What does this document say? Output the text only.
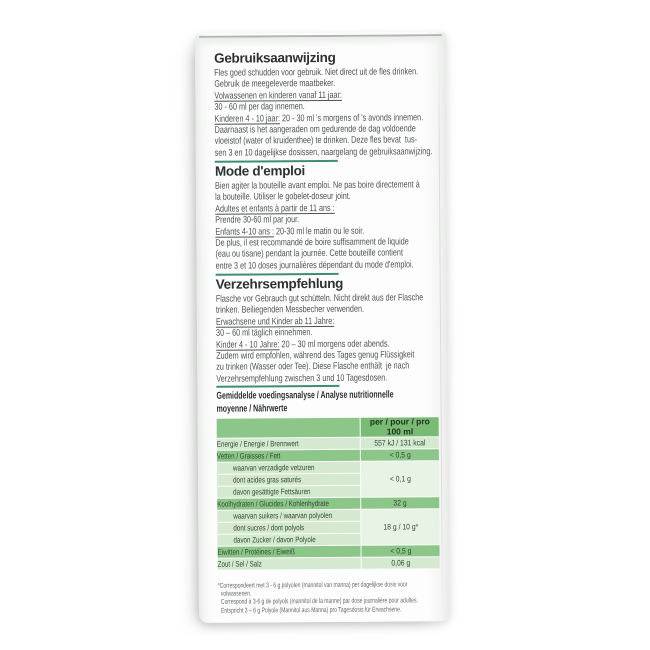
Gebruiksaanwijzing
Fles goed schudden voor gebruik. Niet direct uit de fles drinken.
Gebruik de meegeleverde maatbeker.
Volwassenen en kinderen vanaf 11 jaar:
30 - 60 ml per dag innemen.
Kinderen 4 - 10 jaar: 20 - 30 ml 's morgens of 's avonds innemen.
Daarnaast is het aangeraden om gedurende de dag voldoende
vloeistof (water of kruidenthee) te drinken. Deze fles bevat  tus-
sen 3 en 10 dagelijkse dosissen, naargelang de gebruiksaanwijzing.
Mode d'emploi
Bien agiter la bouteille avant emploi. Ne pas boire directement à
la bouteille. Utiliser le gobelet-doseur joint.
Adultes et enfants à partir de 11 ans :
Prendre 30-60 ml par jour.
Enfants 4-10 ans : 20-30 ml le matin ou le soir.
De plus, il est recommandé de boire suffisamment de liquide
(eau ou tisane) pendant la journée. Cette bouteille contient
entre 3 et 10 doses journalières dépendant du mode d'emploi.
Verzehrsempfehlung
Flasche vor Gebrauch gut schütteln. Nicht direkt aus der Flasche
trinken. Beiliegenden Messbecher verwenden.
Erwachsene und Kinder ab 11 Jahre:
30 – 60 ml täglich einnehmen.
Kinder 4 - 10 Jahre: 20 – 30 ml morgens oder abends.
Zudem wird empfohlen, während des Tages genug Flüssigkeit
zu trinken (Wasser oder Tee). Diese Flasche enthält  je nach
Verzehrsempfehlung zwischen 3 und 10 Tagesdosen.
Gemiddelde voedingsanalyse / Analyse nutritionnelle
moyenne / Nährwerte

	per / pour / pro
100 ml

Energie / Energie / Brennwert	557 kJ / 131 kcal
Vetten / Graisses / Fett	< 0,5 g
waarvan verzadigde vetzuren	< 0,1 g
dont acides gras saturés	
davon gesättigte Fettsäuren	
Koolhydraten / Glucides / Kohlenhydrate	32 g
waarvan suikers / waarvan polyolen	18 g / 10 g*
dont sucres / dont polyols	
davon Zucker / davon Polyole	
Eiwitten / Protéines / Eiweiß	< 0,5 g
Zout / Sel / Salz	0,06 g
*Correspondeert met 3 - 6 g polyolen (mannitol van manna) per dagelijkse dosis voor
volwassenen.
Correspond à 3-6 g de polyols (mannitol de la manne) par dose journalière pour adultes.
Entspricht 3 – 6 g Polyole (Mannitol aus Manna) pro Tagesdosis für Erwachsene.
